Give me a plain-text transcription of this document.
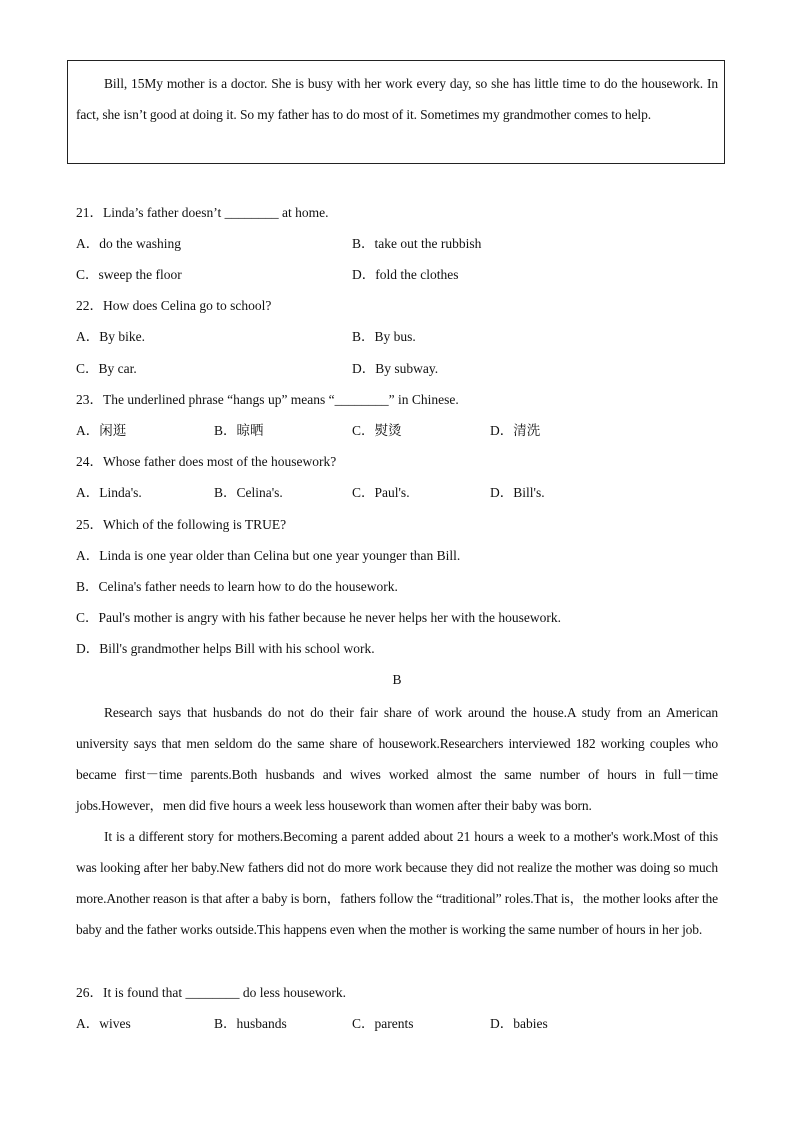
Bill, 15My mother is a doctor. She is busy with her work every day, so she has little time to do the housework. In fact, she isn’t good at doing it. So my father has to do most of it. Sometimes my grandmother comes to help.
21．Linda’s father doesn’t ________ at home.
A．do the washing	B．take out the rubbish
C．sweep the floor	D．fold the clothes
22．How does Celina go to school?
A．By bike.	B．By bus.
C．By car.	D．By subway.
23．The underlined phrase “hangs up” means “________” in Chinese.
A．闲逛	B．晾晒	C．熨烫	D．清洗
24．Whose father does most of the housework?
A．Linda's.	B．Celina's.	C．Paul's.	D．Bill's.
25．Which of the following is TRUE?
A．Linda is one year older than Celina but one year younger than Bill.
B．Celina's father needs to learn how to do the housework.
C．Paul's mother is angry with his father because he never helps her with the housework.
D．Bill's grandmother helps Bill with his school work.
B
Research says that husbands do not do their fair share of work around the house.A study from an American university says that men seldom do the same share of housework.Researchers interviewed 182 working couples who became first－time parents.Both husbands and wives worked almost the same number of hours in full－time jobs.However，men did five hours a week less housework than women after their baby was born.
It is a different story for mothers.Becoming a parent added about 21 hours a week to a mother's work.Most of this was looking after her baby.New fathers did not do more work because they did not realize the mother was doing so much more.Another reason is that after a baby is born，fathers follow the “traditional” roles.That is，the mother looks after the baby and the father works outside.This happens even when the mother is working the same number of hours in her job.
26．It is found that ________ do less housework.
A．wives	B．husbands	C．parents	D．babies
